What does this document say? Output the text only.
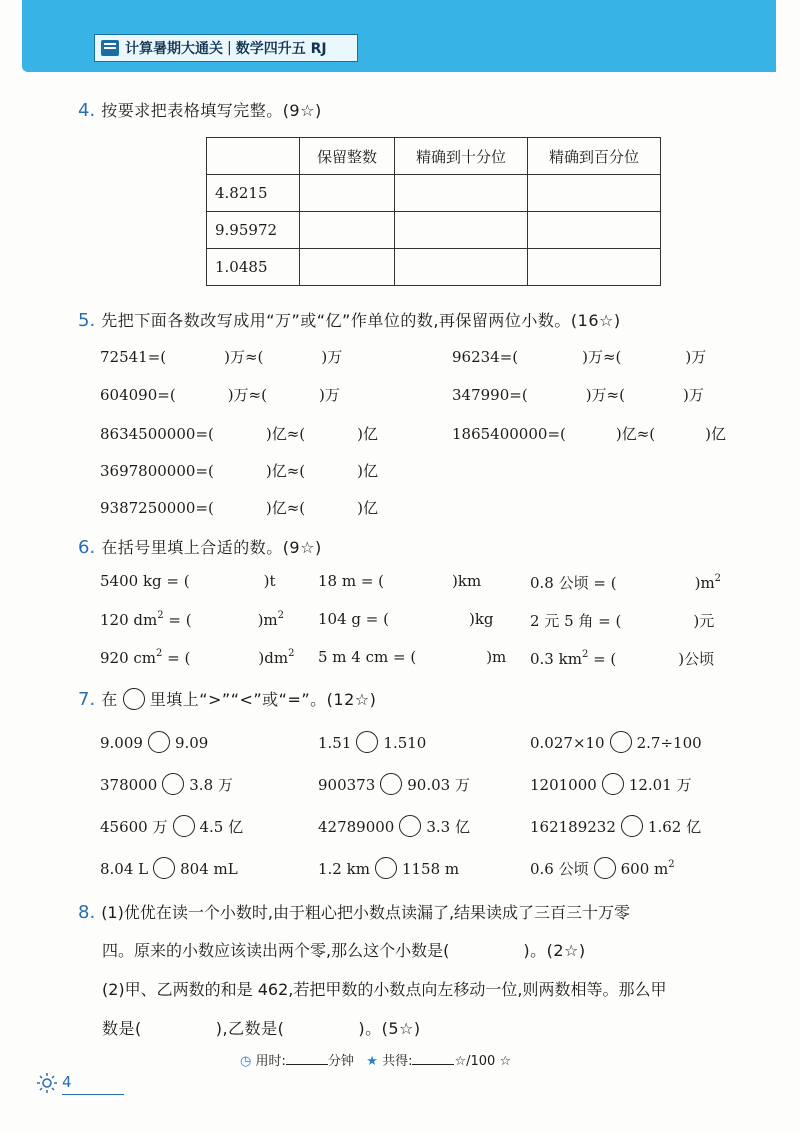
计算暑期大通关 | 数学四升五 RJ
4. 按要求把表格填写完整。(9☆)
	保留整数	精确到十分位	精确到百分位
4.8215			
9.95972			
1.0485			
5. 先把下面各数改写成用“万”或“亿”作单位的数,再保留两位小数。(16☆)
72541=(	)万≈(	)万	96234=(	)万≈(	)万
604090=(	)万≈(	)万	347990=(	)万≈(	)万
8634500000=(	)亿≈(	)亿	1865400000=(	)亿≈(	)亿
3697800000=(	)亿≈(	)亿
9387250000=(	)亿≈(	)亿
6. 在括号里填上合适的数。(9☆)
5400 kg = (	)t	18 m = (	)km	0.8 公顷 = (	)$m^2$
120 $dm^2$ = (	)$m^2$ 104 g = (	)kg 2 元 5 角 = (	)元
920 $cm^2$ = (	)$dm^2$ 5 m 4 cm = (	)m 0.3 $km^2$ = (	)公顷
7. 在 里填上“>”“<”或“=”。(12☆)
9.009 9.09	1.51 1.510	0.027×10 2.7÷100
378000 3.8 万	900373 90.03 万	1201000 12.01 万
45600 万 4.5 亿	42789000 3.3 亿	162189232 1.62 亿
8.04 L 804 mL	1.2 km 1158 m	0.6 公顷 600 $m^2$
8. (1)优优在读一个小数时,由于粗心把小数点读漏了,结果读成了三百三十万零
四。原来的小数应该读出两个零,那么这个小数是(	)。(2☆)
(2)甲、乙两数的和是 462,若把甲数的小数点向左移动一位,则两数相等。那么甲
数是(	),乙数是(	)。(5☆)
◷ 用时:	分钟 ★ 共得:	☆/100 ☆
4
